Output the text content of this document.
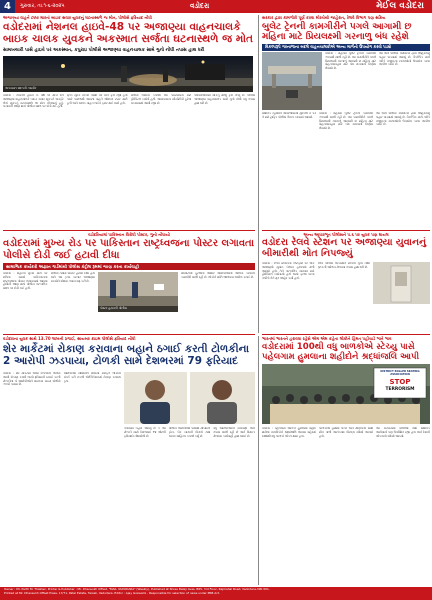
4	ગુરુવાર, તા.૧-૬-૨૦૨૫	વડોદરા	મેઈલ વડોદરા
અજાણ્યા વાહને ટક્કર મારતાં બાઇક સવાર યુવકનું ઘટનાસ્થળે જ મોત, પોલીસે ફરિયાદ નોંધી
વડોદરામાં નેશનલ હાઇવે-48 પર અજાણ્યા વાહનચાલકે બાઇક ચાલક યુવકને અકસ્માત સર્જતા ઘટનાસ્થળે જ મોત
સામખયારી પાસે હાઇવે પર અકસ્માત, કપુરાઇ પોલીસે અજાણ્યા વાહનચાલક સામે ગુનો નોંધી તપાસ હાથ ધરી
અકસ્માત સ્થળની તસવીર
વડોદરા : નેશનલ હાઇવે નં. 48 પર મોડી રાત્રે અજાણ્યા વાહનચાલકે બાઇક સવાર યુવકને અડફેટે લેતાં યુવકનું ઘટનાસ્થળે જ મોત નીપજ્યું હતું. બનાવની જાણ થતાં પોલીસ સ્થળ પર દોડી ગઈ હતી.
મૃતક યુવક નોકરી પરથી ઘરે પરત ફરી રહ્યો હતો ત્યારે પાછળથી આવતા વાહને જોરદાર ટક્કર મારી હતી અને ચાલક વાહન લઈને ફરાર થઈ ગયો હતો.
પોલીસે લાશનો કબજો લઈ પોસ્ટમોર્ટમ માટે હોસ્પિટલ ખસેડી હતી. આસપાસના સીસીટીવી ફૂટેજ ચકાસવામાં આવી રહ્યા છે.
પરિવારજનોમાં શોકનું મોજું ફરી વળ્યું છે. પોલીસે અજાણ્યા વાહનચાલક સામે ગુનો નોંધી વધુ તપાસ હાથ ધરી છે.
સરકાર દ્વારા કામગીરી પૂર્ણ કરવા મોરચેથી જાહેરાત, રેલવે વિભાગ પણ સક્રિય
બુલેટ ટ્રેનની કામગીરીને પગલે આગામી છ મહિના માટે પ્રિયલક્ષ્મી ગરનાળુ બંધ રહેશે
વિકલ્પરૂપે ગરનાળાના બદલે વાહનચાલકોએ અન્ય માર્ગનો ઉપયોગ કરવો પડશે
વડોદરા : શહેરમાં બુલેટ ટ્રેનની કામગીરી ઝડપથી ચાલી રહી છે. આ કામગીરીને પગલે પ્રિયલક્ષ્મી ગરનાળું આગામી છ મહિના માટે વાહનવ્યવહાર માટે બંધ રાખવાનો નિર્ણય લેવાયો છે.
આ અંગે પોલીસ કમિશનર દ્વારા જાહેરનામું બહાર પાડવામાં આવ્યું છે. વૈકલ્પિક માર્ગ તરીકે નજીકના રસ્તાઓનો ઉપયોગ કરવા અપીલ કરાઈ છે.
સ્થાનિક રહીશોને અવરજવરમાં મુશ્કેલી ન પડે તે માટે ટ્રાફિક પોલીસ તૈનાત કરવામાં આવશે.
વડોદરા : શહેરમાં બુલેટ ટ્રેનની કામગીરી ઝડપથી ચાલી રહી છે. આ કામગીરીને પગલે પ્રિયલક્ષ્મી ગરનાળું આગામી છ મહિના માટે વાહનવ્યવહાર માટે બંધ રાખવાનો નિર્ણય લેવાયો છે.
આ અંગે પોલીસ કમિશનર દ્વારા જાહેરનામું બહાર પાડવામાં આવ્યું છે. વૈકલ્પિક માર્ગ તરીકે નજીકના રસ્તાઓનો ઉપયોગ કરવા અપીલ કરાઈ છે.
અન્ય આધારભૂત પોલીસને ૫.૬ પર યુવક પણ ઘાયલ
વડોદરા રેલવે સ્ટેશન પર અજાણ્યા યુવાનનું બીમારીથી મોત નિપજ્યું
વડોદરા : રેલવે સ્ટેશનના પ્લેટફોર્મ પર એક અજાણ્યો યુવાન બેભાન હાલતમાં મળી આવ્યો હતો. તેને તાત્કાલિક સારવાર માટે હોસ્પિટલ ખસેડાયો હતો જ્યાં ફરજ પરના તબીબે તેને મૃત જાહેર કર્યો હતો.
રેલવે પોલીસે અકસ્માતે મોતનો ગુનો નોંધી મૃતકની ઓળખ મેળવવા તપાસ હાથ ધરી છે.
વડોદરિયામાં પાકિસ્તાન વિરોધી પોસ્ટર, ગુનો નોંધાયો
વડોદરામાં મુખ્ય રોડ પર પાકિસ્તાન રાષ્ટ્રધ્વજના પોસ્ટર લગાવતા પોલીસે દોડી જઈ હટાવી દીધા
સામાજિક કાર્યકરો અજ્ઞાત ગાર્ડમાંથી પોલીસ કંટ્રોલ રૂમમાં જાણ કરતા કાર્યવાહી
વડોદરા : શહેરના મુખ્ય માર્ગ પર રાત્રિના સમયે પાકિસ્તાનના રાષ્ટ્રધ્વજના પોસ્ટર લગાવવામાં આવ્યા હોવાની જાણ થતાં પોલીસ તાત્કાલિક સ્થળ પર દોડી ગઈ હતી.
પોલીસે તમામ પોસ્ટર હટાવી દીધા હતા અને આ કૃત્ય કરનાર અજાણ્યા શખ્સોને શોધવા તપાસ શરૂ કરી છે.
પોસ્ટર હટાવતી પોલીસ
સીસીટીવી ફૂટેજના આધારે આરોપીઓની ઓળખ કરવાની કામગીરી ચાલી રહી છે. લોકોને શાંતિ જાળવવા અપીલ કરાઈ છે.
ભારતમાં ભારતને હરાવવા રહેશે એમ એમ કહેતા લોકોને હિંમત પહોંચાડે ભાતે ભાવ
વડોદરામાં 100થી વધુ બાળકોએ સ્ટેચ્યુ પાસે પહેલગામ હુમલાના શહીદોને શ્રદ્ધાંજલિ આપી
DISTRICT ROLLER SKATING ASSOCIATION
STOP
TERRORISM
વડોદરા : પહેલગામ આતંકી હુમલામાં શહીદ થયેલા નાગરિકોને શ્રદ્ધાંજલિ આપવા શહેરમાં 100થી વધુ બાળકો એકત્ર થયા હતા.
બાળકોએ હાથમાં બેનર અને મીણબત્તી સાથે મૌન પાળી આતંકવાદ વિરુદ્ધ સંદેશો આપ્યો હતો.
આ કાર્યક્રમમાં વાલીઓ તથા સ્થાનિક આગેવાનો પણ ઉપસ્થિત રહ્યા હતા અને દેશની એકતાનો સંદેશો આપ્યો.
વડોદરાના યુવક સાથે 13.70 લાખની ઠગાઈ, સાયબર ક્રાઇમ પોલીસે ફરિયાદ નોંધી
શેર માર્કેટમાં રોકાણ કરાવાના બહાને ઠગાઈ કરતી ટોળકીના 2 આરોપી ઝડપાયા, ટોળકી સામે દેશભરમાં 79 ફરિયાદ
વડોદરા : શેર માર્કેટમાં ઊંચા વળતરની લાલચ આપી રોકાણ કરાવી લાખો રૂપિયાની ઠગાઈ કરતી ટોળકીના બે આરોપીઓને સાયબર ક્રાઇમ પોલીસે ઝડપી પાડ્યા છે.
આરોપીઓ સોશિયલ મીડિયા મારફતે લોકોનો સંપર્ક કરી નકલી એપ્લિકેશનમાં રોકાણ કરાવતા હતા.
તપાસમાં બહાર આવ્યું છે કે આ ટોળકી સામે દેશભરમાં 79 જેટલી ફરિયાદો નોંધાયેલી છે.
પોલીસે આરોપીઓ પાસેથી મોબાઇલ ફોન, બેંક ખાતાની વિગતો તથા અન્ય સાહિત્ય કબજે કર્યું છે.
વધુ આરોપીઓની સંડોવણી અંગે તપાસ ચાલી રહી છે અને રિમાન્ડ મેળવવા કાર્યવાહી હાથ ધરાઈ છે.
Owner : Mr. Parth M. Thakker, Printer & Publisher : Mr. Dhansukh Offset, "MAIL VADODARA" (Weekly), Published at Shree Balaji Avas, B65, 3rd Floor, Rajmahal Road, Vadodara-390 001.
Printed at Mr. Dhansukh Offset Press, 17/71, Patel Estate, Tarsali, Vadodara. Editor : Ajay Goswami - Responsible for selection of news under PRB Act.
